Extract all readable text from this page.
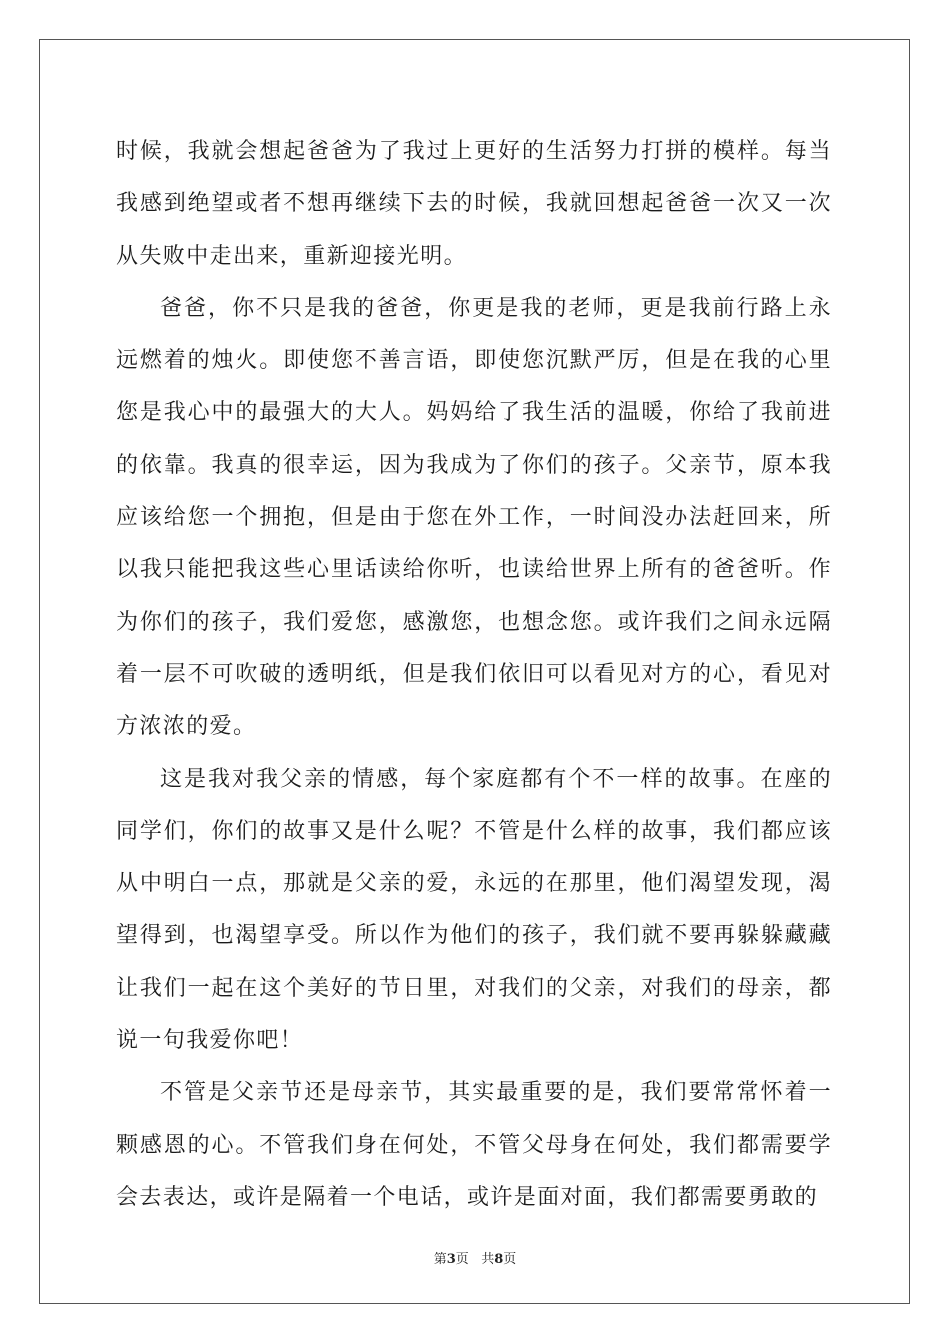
时候，我就会想起爸爸为了我过上更好的生活努力打拼的模样。每当我感到绝望或者不想再继续下去的时候，我就回想起爸爸一次又一次从失败中走出来，重新迎接光明。

爸爸，你不只是我的爸爸，你更是我的老师，更是我前行路上永远燃着的烛火。即使您不善言语，即使您沉默严厉，但是在我的心里您是我心中的最强大的大人。妈妈给了我生活的温暖，你给了我前进的依靠。我真的很幸运，因为我成为了你们的孩子。父亲节，原本我应该给您一个拥抱，但是由于您在外工作，一时间没办法赶回来，所以我只能把我这些心里话读给你听，也读给世界上所有的爸爸听。作为你们的孩子，我们爱您，感激您，也想念您。或许我们之间永远隔着一层不可吹破的透明纸，但是我们依旧可以看见对方的心，看见对方浓浓的爱。

这是我对我父亲的情感，每个家庭都有个不一样的故事。在座的同学们，你们的故事又是什么呢？不管是什么样的故事，我们都应该从中明白一点，那就是父亲的爱，永远的在那里，他们渴望发现，渴望得到，也渴望享受。所以作为他们的孩子，我们就不要再躲躲藏藏让我们一起在这个美好的节日里，对我们的父亲，对我们的母亲，都说一句我爱你吧！

不管是父亲节还是母亲节，其实最重要的是，我们要常常怀着一颗感恩的心。不管我们身在何处，不管父母身在何处，我们都需要学会去表达，或许是隔着一个电话，或许是面对面，我们都需要勇敢的

第3页 共8页
